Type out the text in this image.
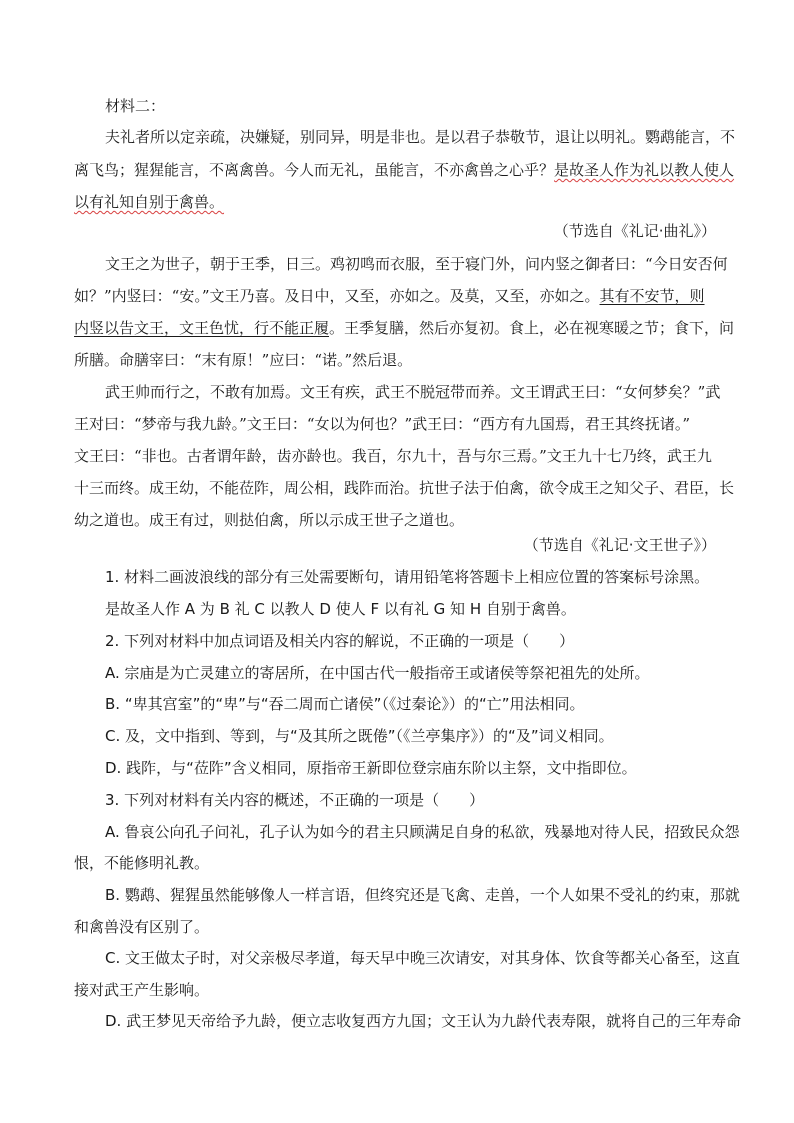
材料二：
夫礼者所以定亲疏，决嫌疑，别同异，明是非也。是以君子恭敬节，退让以明礼。鹦鹉能言，不
离飞鸟；猩猩能言，不离禽兽。今人而无礼，虽能言，不亦禽兽之心乎？是故圣人作为礼以教人使人
以有礼知自别于禽兽。
（节选自《礼记·曲礼》）
文王之为世子，朝于王季，日三。鸡初鸣而衣服，至于寝门外，问内竖之御者曰：“今日安否何
如？”内竖曰：“安。”文王乃喜。及日中，又至，亦如之。及莫，又至，亦如之。其有不安节，则
内竖以告文王，文王色忧，行不能正履。王季复膳，然后亦复初。食上，必在视寒暖之节；食下，问
所膳。命膳宰曰：“末有原！”应曰：“诺。”然后退。
武王帅而行之，不敢有加焉。文王有疾，武王不脱冠带而养。文王谓武王曰：“女何梦矣？”武
王对曰：“梦帝与我九龄。”文王曰：“女以为何也？”武王曰：“西方有九国焉，君王其终抚诸。”
文王曰：“非也。古者谓年龄，齿亦龄也。我百，尔九十，吾与尔三焉。”文王九十七乃终，武王九
十三而终。成王幼，不能莅阼，周公相，践阼而治。抗世子法于伯禽，欲令成王之知父子、君臣，长
幼之道也。成王有过，则挞伯禽，所以示成王世子之道也。
（节选自《礼记·文王世子》）
1. 材料二画波浪线的部分有三处需要断句，请用铅笔将答题卡上相应位置的答案标号涂黑。
是故圣人作 A 为 B 礼 C 以教人 D 使人 F 以有礼 G 知 H 自别于禽兽。
2. 下列对材料中加点词语及相关内容的解说，不正确的一项是（　　）
A. 宗庙是为亡灵建立的寄居所，在中国古代一般指帝王或诸侯等祭祀祖先的处所。
B. “卑其宫室”的“卑”与“吞二周而亡诸侯”（《过秦论》）的“亡”用法相同。
C. 及，文中指到、等到，与“及其所之既倦”（《兰亭集序》）的“及”词义相同。
D. 践阼，与“莅阼”含义相同，原指帝王新即位登宗庙东阶以主祭，文中指即位。
3. 下列对材料有关内容的概述，不正确的一项是（　　）
A. 鲁哀公向孔子问礼，孔子认为如今的君主只顾满足自身的私欲，残暴地对待人民，招致民众怨
恨，不能修明礼教。
B. 鹦鹉、猩猩虽然能够像人一样言语，但终究还是飞禽、走兽，一个人如果不受礼的约束，那就
和禽兽没有区别了。
C. 文王做太子时，对父亲极尽孝道，每天早中晚三次请安，对其身体、饮食等都关心备至，这直
接对武王产生影响。
D. 武王梦见天帝给予九龄，便立志收复西方九国；文王认为九龄代表寿限，就将自己的三年寿命
